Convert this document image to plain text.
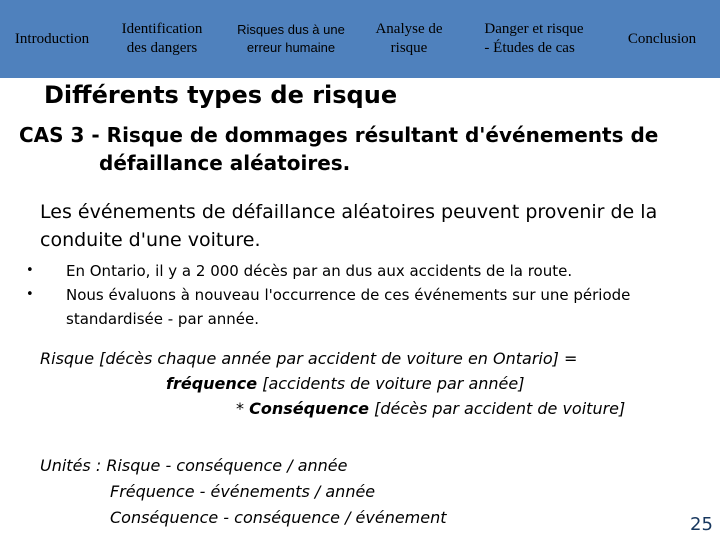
Introduction
Identification
des dangers
Risques dus à une
erreur humaine
Analyse de
risque
Danger et risque
- Études de cas
Conclusion
Différents types de risque
CAS 3 - Risque de dommages résultant d'événements de
défaillance aléatoires.

Les événements de défaillance aléatoires peuvent provenir de la conduite d'une voiture.

• En Ontario, il y a 2 000 décès par an dus aux accidents de la route.
• Nous évaluons à nouveau l'occurrence de ces événements sur une période standardisée - par année.
Risque [décès chaque année par accident de voiture en Ontario] =
fréquence [accidents de voiture par année]
* Conséquence [décès par accident de voiture]
Unités : Risque - conséquence / année
Fréquence - événements / année
Conséquence - conséquence / événement	25
